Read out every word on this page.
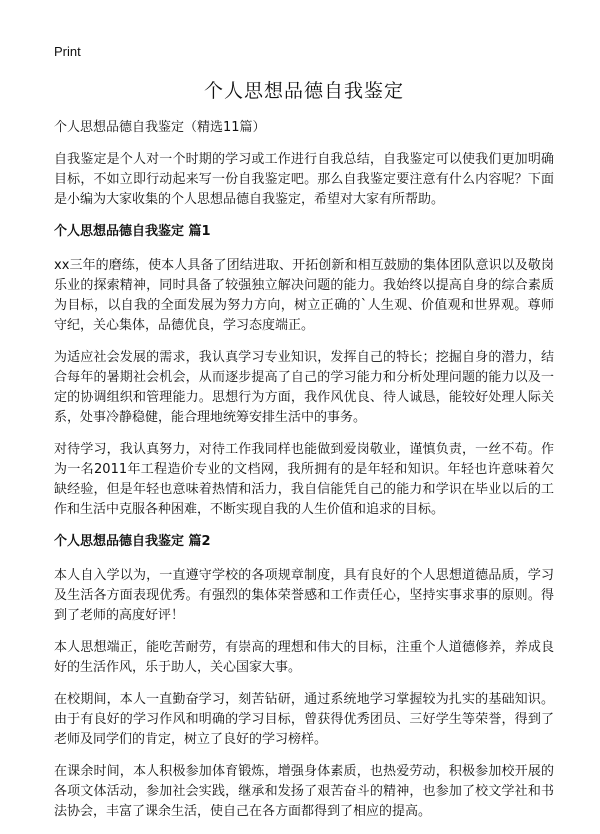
Print
个人思想品德自我鉴定

个人思想品德自我鉴定（精选11篇）

自我鉴定是个人对一个时期的学习或工作进行自我总结，自我鉴定可以使我们更加明确目标，不如立即行动起来写一份自我鉴定吧。那么自我鉴定要注意有什么内容呢？下面是小编为大家收集的个人思想品德自我鉴定，希望对大家有所帮助。

个人思想品德自我鉴定 篇1

xx三年的磨练，使本人具备了团结进取、开拓创新和相互鼓励的集体团队意识以及敬岗乐业的探索精神，同时具备了较强独立解决问题的能力。我始终以提高自身的综合素质为目标，以自我的全面发展为努力方向，树立正确的`人生观、价值观和世界观。尊师守纪，关心集体，品德优良，学习态度端正。

为适应社会发展的需求，我认真学习专业知识，发挥自己的特长；挖掘自身的潜力，结合每年的暑期社会机会，从而逐步提高了自己的学习能力和分析处理问题的能力以及一定的协调组织和管理能力。思想行为方面，我作风优良、待人诚恳，能较好处理人际关系，处事冷静稳健，能合理地统筹安排生活中的事务。

对待学习，我认真努力，对待工作我同样也能做到爱岗敬业，谨慎负责，一丝不苟。作为一名2011年工程造价专业的文档网，我所拥有的是年轻和知识。年轻也许意味着欠缺经验，但是年轻也意味着热情和活力，我自信能凭自己的能力和学识在毕业以后的工作和生活中克服各种困难，不断实现自我的人生价值和追求的目标。

个人思想品德自我鉴定 篇2

本人自入学以为，一直遵守学校的各项规章制度，具有良好的个人思想道德品质，学习及生活各方面表现优秀。有强烈的集体荣誉感和工作责任心，坚持实事求事的原则。得到了老师的高度好评！

本人思想端正，能吃苦耐劳，有崇高的理想和伟大的目标，注重个人道德修养，养成良好的生活作风，乐于助人，关心国家大事。

在校期间，本人一直勤奋学习，刻苦钻研，通过系统地学习掌握较为扎实的基础知识。由于有良好的学习作风和明确的学习目标，曾获得优秀团员、三好学生等荣誉，得到了老师及同学们的肯定，树立了良好的学习榜样。

在课余时间，本人积极参加体育锻炼，增强身体素质，也热爱劳动，积极参加校开展的各项文体活动，参加社会实践，继承和发扬了艰苦奋斗的精神，也参加了校文学社和书法协会，丰富了课余生活，使自己在各方面都得到了相应的提高。
